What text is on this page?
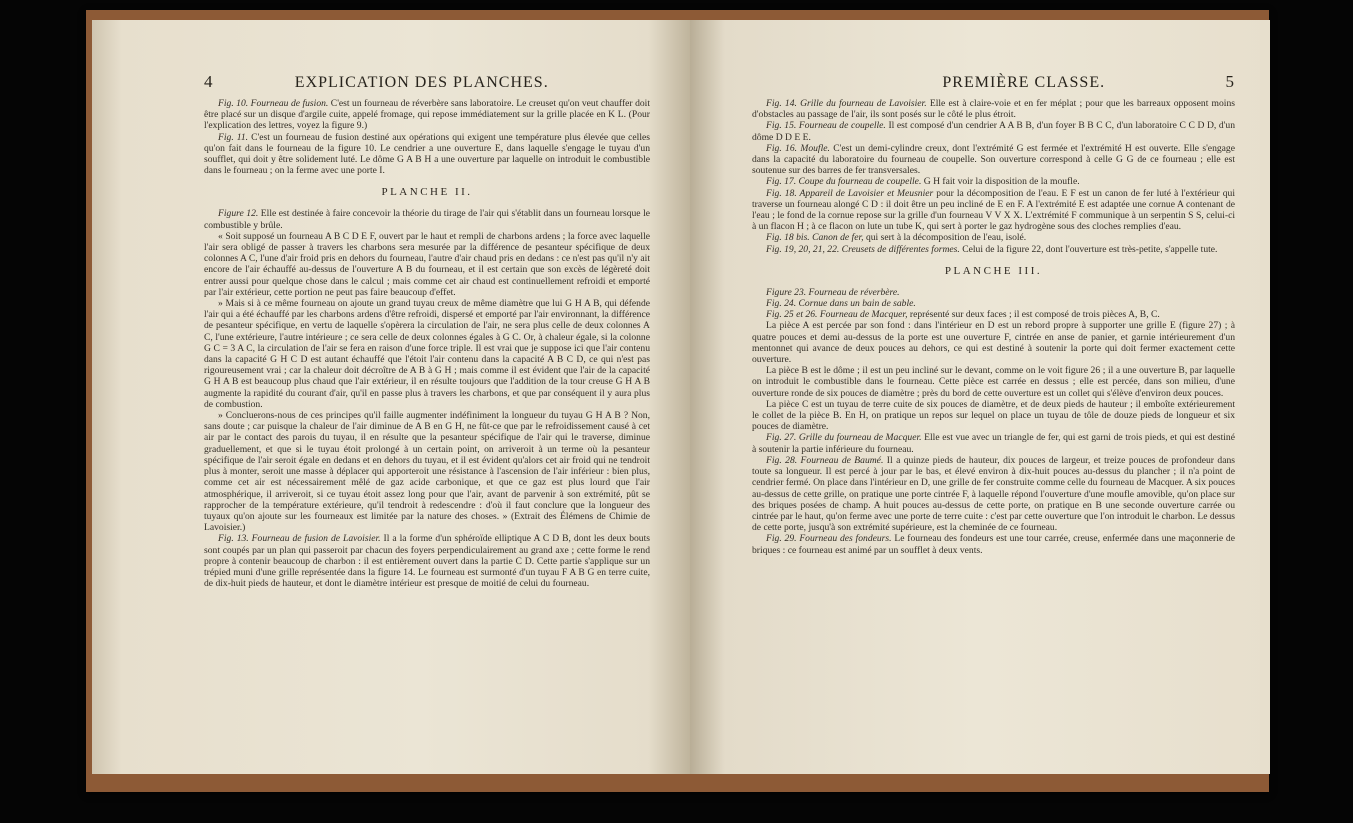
4	EXPLICATION DES PLANCHES.

Fig. 10. Fourneau de fusion. C'est un fourneau de réverbère sans laboratoire. Le creuset qu'on veut chauffer doit être placé sur un disque d'argile cuite, appelé fromage, qui repose immédiatement sur la grille placée en K L. (Pour l'explication des lettres, voyez la figure 9.)

Fig. 11. C'est un fourneau de fusion destiné aux opérations qui exigent une température plus élevée que celles qu'on fait dans le fourneau de la figure 10. Le cendrier a une ouverture E, dans laquelle s'engage le tuyau d'un soufflet, qui doit y être solidement luté. Le dôme G A B H a une ouverture par laquelle on introduit le combustible dans le fourneau ; on la ferme avec une porte I.

PLANCHE II.

Figure 12. Elle est destinée à faire concevoir la théorie du tirage de l'air qui s'établit dans un fourneau lorsque le combustible y brûle.

« Soit supposé un fourneau A B C D E F, ouvert par le haut et rempli de charbons ardens ; la force avec laquelle l'air sera obligé de passer à travers les charbons sera mesurée par la différence de pesanteur spécifique de deux colonnes A C, l'une d'air froid pris en dehors du fourneau, l'autre d'air chaud pris en dedans : ce n'est pas qu'il n'y ait encore de l'air échauffé au-dessus de l'ouverture A B du fourneau, et il est certain que son excès de légèreté doit entrer aussi pour quelque chose dans le calcul ; mais comme cet air chaud est continuellement refroidi et emporté par l'air extérieur, cette portion ne peut pas faire beaucoup d'effet.

» Mais si à ce même fourneau on ajoute un grand tuyau creux de même diamètre que lui G H A B, qui défende l'air qui a été échauffé par les charbons ardens d'être refroidi, dispersé et emporté par l'air environnant, la différence de pesanteur spécifique, en vertu de laquelle s'opèrera la circulation de l'air, ne sera plus celle de deux colonnes A C, l'une extérieure, l'autre intérieure ; ce sera celle de deux colonnes égales à G C. Or, à chaleur égale, si la colonne G C = 3 A C, la circulation de l'air se fera en raison d'une force triple. Il est vrai que je suppose ici que l'air contenu dans la capacité G H C D est autant échauffé que l'étoit l'air contenu dans la capacité A B C D, ce qui n'est pas rigoureusement vrai ; car la chaleur doit décroître de A B à G H ; mais comme il est évident que l'air de la capacité G H A B est beaucoup plus chaud que l'air extérieur, il en résulte toujours que l'addition de la tour creuse G H A B augmente la rapidité du courant d'air, qu'il en passe plus à travers les charbons, et que par conséquent il y aura plus de combustion.

» Concluerons-nous de ces principes qu'il faille augmenter indéfiniment la longueur du tuyau G H A B ? Non, sans doute ; car puisque la chaleur de l'air diminue de A B en G H, ne fût-ce que par le refroidissement causé à cet air par le contact des parois du tuyau, il en résulte que la pesanteur spécifique de l'air qui le traverse, diminue graduellement, et que si le tuyau étoit prolongé à un certain point, on arriveroit à un terme où la pesanteur spécifique de l'air seroit égale en dedans et en dehors du tuyau, et il est évident qu'alors cet air froid qui ne tendroit plus à monter, seroit une masse à déplacer qui apporteroit une résistance à l'ascension de l'air inférieur : bien plus, comme cet air est nécessairement mêlé de gaz acide carbonique, et que ce gaz est plus lourd que l'air atmosphérique, il arriveroit, si ce tuyau étoit assez long pour que l'air, avant de parvenir à son extrémité, pût se rapprocher de la température extérieure, qu'il tendroit à redescendre : d'où il faut conclure que la longueur des tuyaux qu'on ajoute sur les fourneaux est limitée par la nature des choses. » (Extrait des Élémens de Chimie de Lavoisier.)

Fig. 13. Fourneau de fusion de Lavoisier. Il a la forme d'un sphéroïde elliptique A C D B, dont les deux bouts sont coupés par un plan qui passeroit par chacun des foyers perpendiculairement au grand axe ; cette forme le rend propre à contenir beaucoup de charbon : il est entièrement ouvert dans la partie C D. Cette partie s'applique sur un trépied muni d'une grille représentée dans la figure 14. Le fourneau est surmonté d'un tuyau F A B G en terre cuite, de dix-huit pieds de hauteur, et dont le diamètre intérieur est presque de moitié de celui du fourneau.

PREMIÈRE CLASSE.	5

Fig. 14. Grille du fourneau de Lavoisier. Elle est à claire-voie et en fer méplat ; pour que les barreaux opposent moins d'obstacles au passage de l'air, ils sont posés sur le côté le plus étroit.

Fig. 15. Fourneau de coupelle. Il est composé d'un cendrier A A B B, d'un foyer B B C C, d'un laboratoire C C D D, d'un dôme D D E E.

Fig. 16. Moufle. C'est un demi-cylindre creux, dont l'extrémité G est fermée et l'extrémité H est ouverte. Elle s'engage dans la capacité du laboratoire du fourneau de coupelle. Son ouverture correspond à celle G G de ce fourneau ; elle est soutenue sur des barres de fer transversales.

Fig. 17. Coupe du fourneau de coupelle. G H fait voir la disposition de la moufle.

Fig. 18. Appareil de Lavoisier et Meusnier pour la décomposition de l'eau. E F est un canon de fer luté à l'extérieur qui traverse un fourneau alongé C D : il doit être un peu incliné de E en F. A l'extrémité E est adaptée une cornue A contenant de l'eau ; le fond de la cornue repose sur la grille d'un fourneau V V X X. L'extrémité F communique à un serpentin S S, celui-ci à un flacon H ; à ce flacon on lute un tube K, qui sert à porter le gaz hydrogène sous des cloches remplies d'eau.

Fig. 18 bis. Canon de fer, qui sert à la décomposition de l'eau, isolé.

Fig. 19, 20, 21, 22. Creusets de différentes formes. Celui de la figure 22, dont l'ouverture est très-petite, s'appelle tute.

PLANCHE III.

Figure 23. Fourneau de réverbère.

Fig. 24. Cornue dans un bain de sable.

Fig. 25 et 26. Fourneau de Macquer, représenté sur deux faces ; il est composé de trois pièces A, B, C.

La pièce A est percée par son fond : dans l'intérieur en D est un rebord propre à supporter une grille E (figure 27) ; à quatre pouces et demi au-dessus de la porte est une ouverture F, cintrée en anse de panier, et garnie intérieurement d'un mentonnet qui avance de deux pouces au dehors, ce qui est destiné à soutenir la porte qui doit fermer exactement cette ouverture.

La pièce B est le dôme ; il est un peu incliné sur le devant, comme on le voit figure 26 ; il a une ouverture B, par laquelle on introduit le combustible dans le fourneau. Cette pièce est carrée en dessus ; elle est percée, dans son milieu, d'une ouverture ronde de six pouces de diamètre ; près du bord de cette ouverture est un collet qui s'élève d'environ deux pouces.

La pièce C est un tuyau de terre cuite de six pouces de diamètre, et de deux pieds de hauteur ; il emboîte extérieurement le collet de la pièce B. En H, on pratique un repos sur lequel on place un tuyau de tôle de douze pieds de longueur et six pouces de diamètre.

Fig. 27. Grille du fourneau de Macquer. Elle est vue avec un triangle de fer, qui est garni de trois pieds, et qui est destiné à soutenir la partie inférieure du fourneau.

Fig. 28. Fourneau de Baumé. Il a quinze pieds de hauteur, dix pouces de largeur, et treize pouces de profondeur dans toute sa longueur. Il est percé à jour par le bas, et élevé environ à dix-huit pouces au-dessus du plancher ; il n'a point de cendrier fermé. On place dans l'intérieur en D, une grille de fer construite comme celle du fourneau de Macquer. A six pouces au-dessus de cette grille, on pratique une porte cintrée F, à laquelle répond l'ouverture d'une moufle amovible, qu'on place sur des briques posées de champ. A huit pouces au-dessus de cette porte, on pratique en B une seconde ouverture carrée ou cintrée par le haut, qu'on ferme avec une porte de terre cuite : c'est par cette ouverture que l'on introduit le charbon. Le dessus de cette porte, jusqu'à son extrémité supérieure, est la cheminée de ce fourneau.

Fig. 29. Fourneau des fondeurs. Le fourneau des fondeurs est une tour carrée, creuse, enfermée dans une maçonnerie de briques : ce fourneau est animé par un soufflet à deux vents.
